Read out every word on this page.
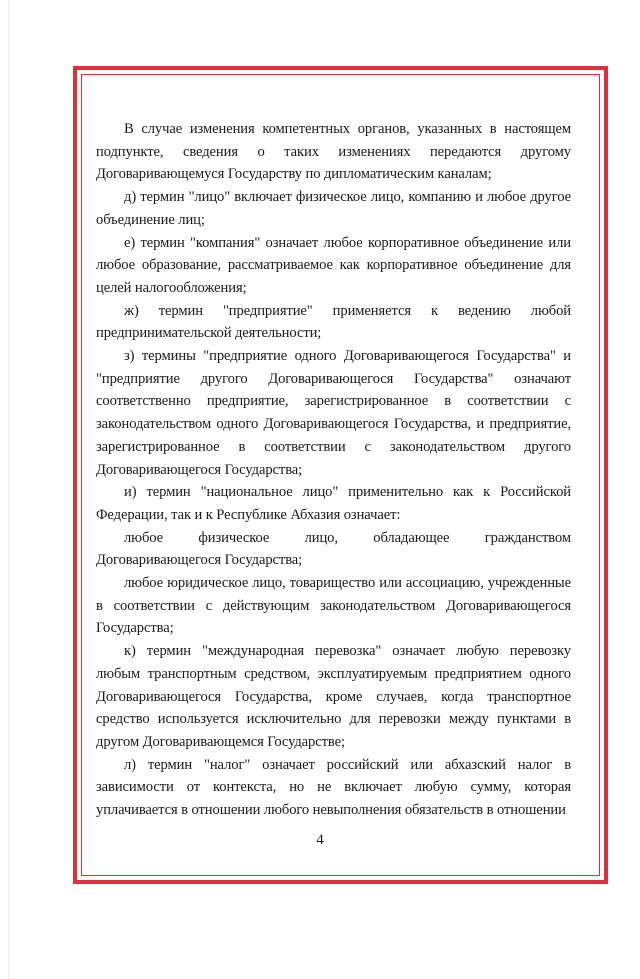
В случае изменения компетентных органов, указанных в настоящем подпункте, сведения о таких изменениях передаются другому Договаривающемуся Государству по дипломатическим каналам;

д) термин "лицо" включает физическое лицо, компанию и любое другое объединение лиц;

е) термин "компания" означает любое корпоративное объединение или любое образование, рассматриваемое как корпоративное объединение для целей налогообложения;

ж) термин "предприятие" применяется к ведению любой предпринимательской деятельности;

з) термины "предприятие одного Договаривающегося Государства" и "предприятие другого Договаривающегося Государства" означают соответственно предприятие, зарегистрированное в соответствии с законодательством одного Договаривающегося Государства, и предприятие, зарегистрированное в соответствии с законодательством другого Договаривающегося Государства;

и) термин "национальное лицо" применительно как к Российской Федерации, так и к Республике Абхазия означает:

любое физическое лицо, обладающее гражданством Договаривающегося Государства;

любое юридическое лицо, товарищество или ассоциацию, учрежденные в соответствии с действующим законодательством Договаривающегося Государства;

к) термин "международная перевозка" означает любую перевозку любым транспортным средством, эксплуатируемым предприятием одного Договаривающегося Государства, кроме случаев, когда транспортное средство используется исключительно для перевозки между пунктами в другом Договаривающемся Государстве;

л) термин "налог" означает российский или абхазский налог в зависимости от контекста, но не включает любую сумму, которая уплачивается в отношении любого невыполнения обязательств в отношении

4
